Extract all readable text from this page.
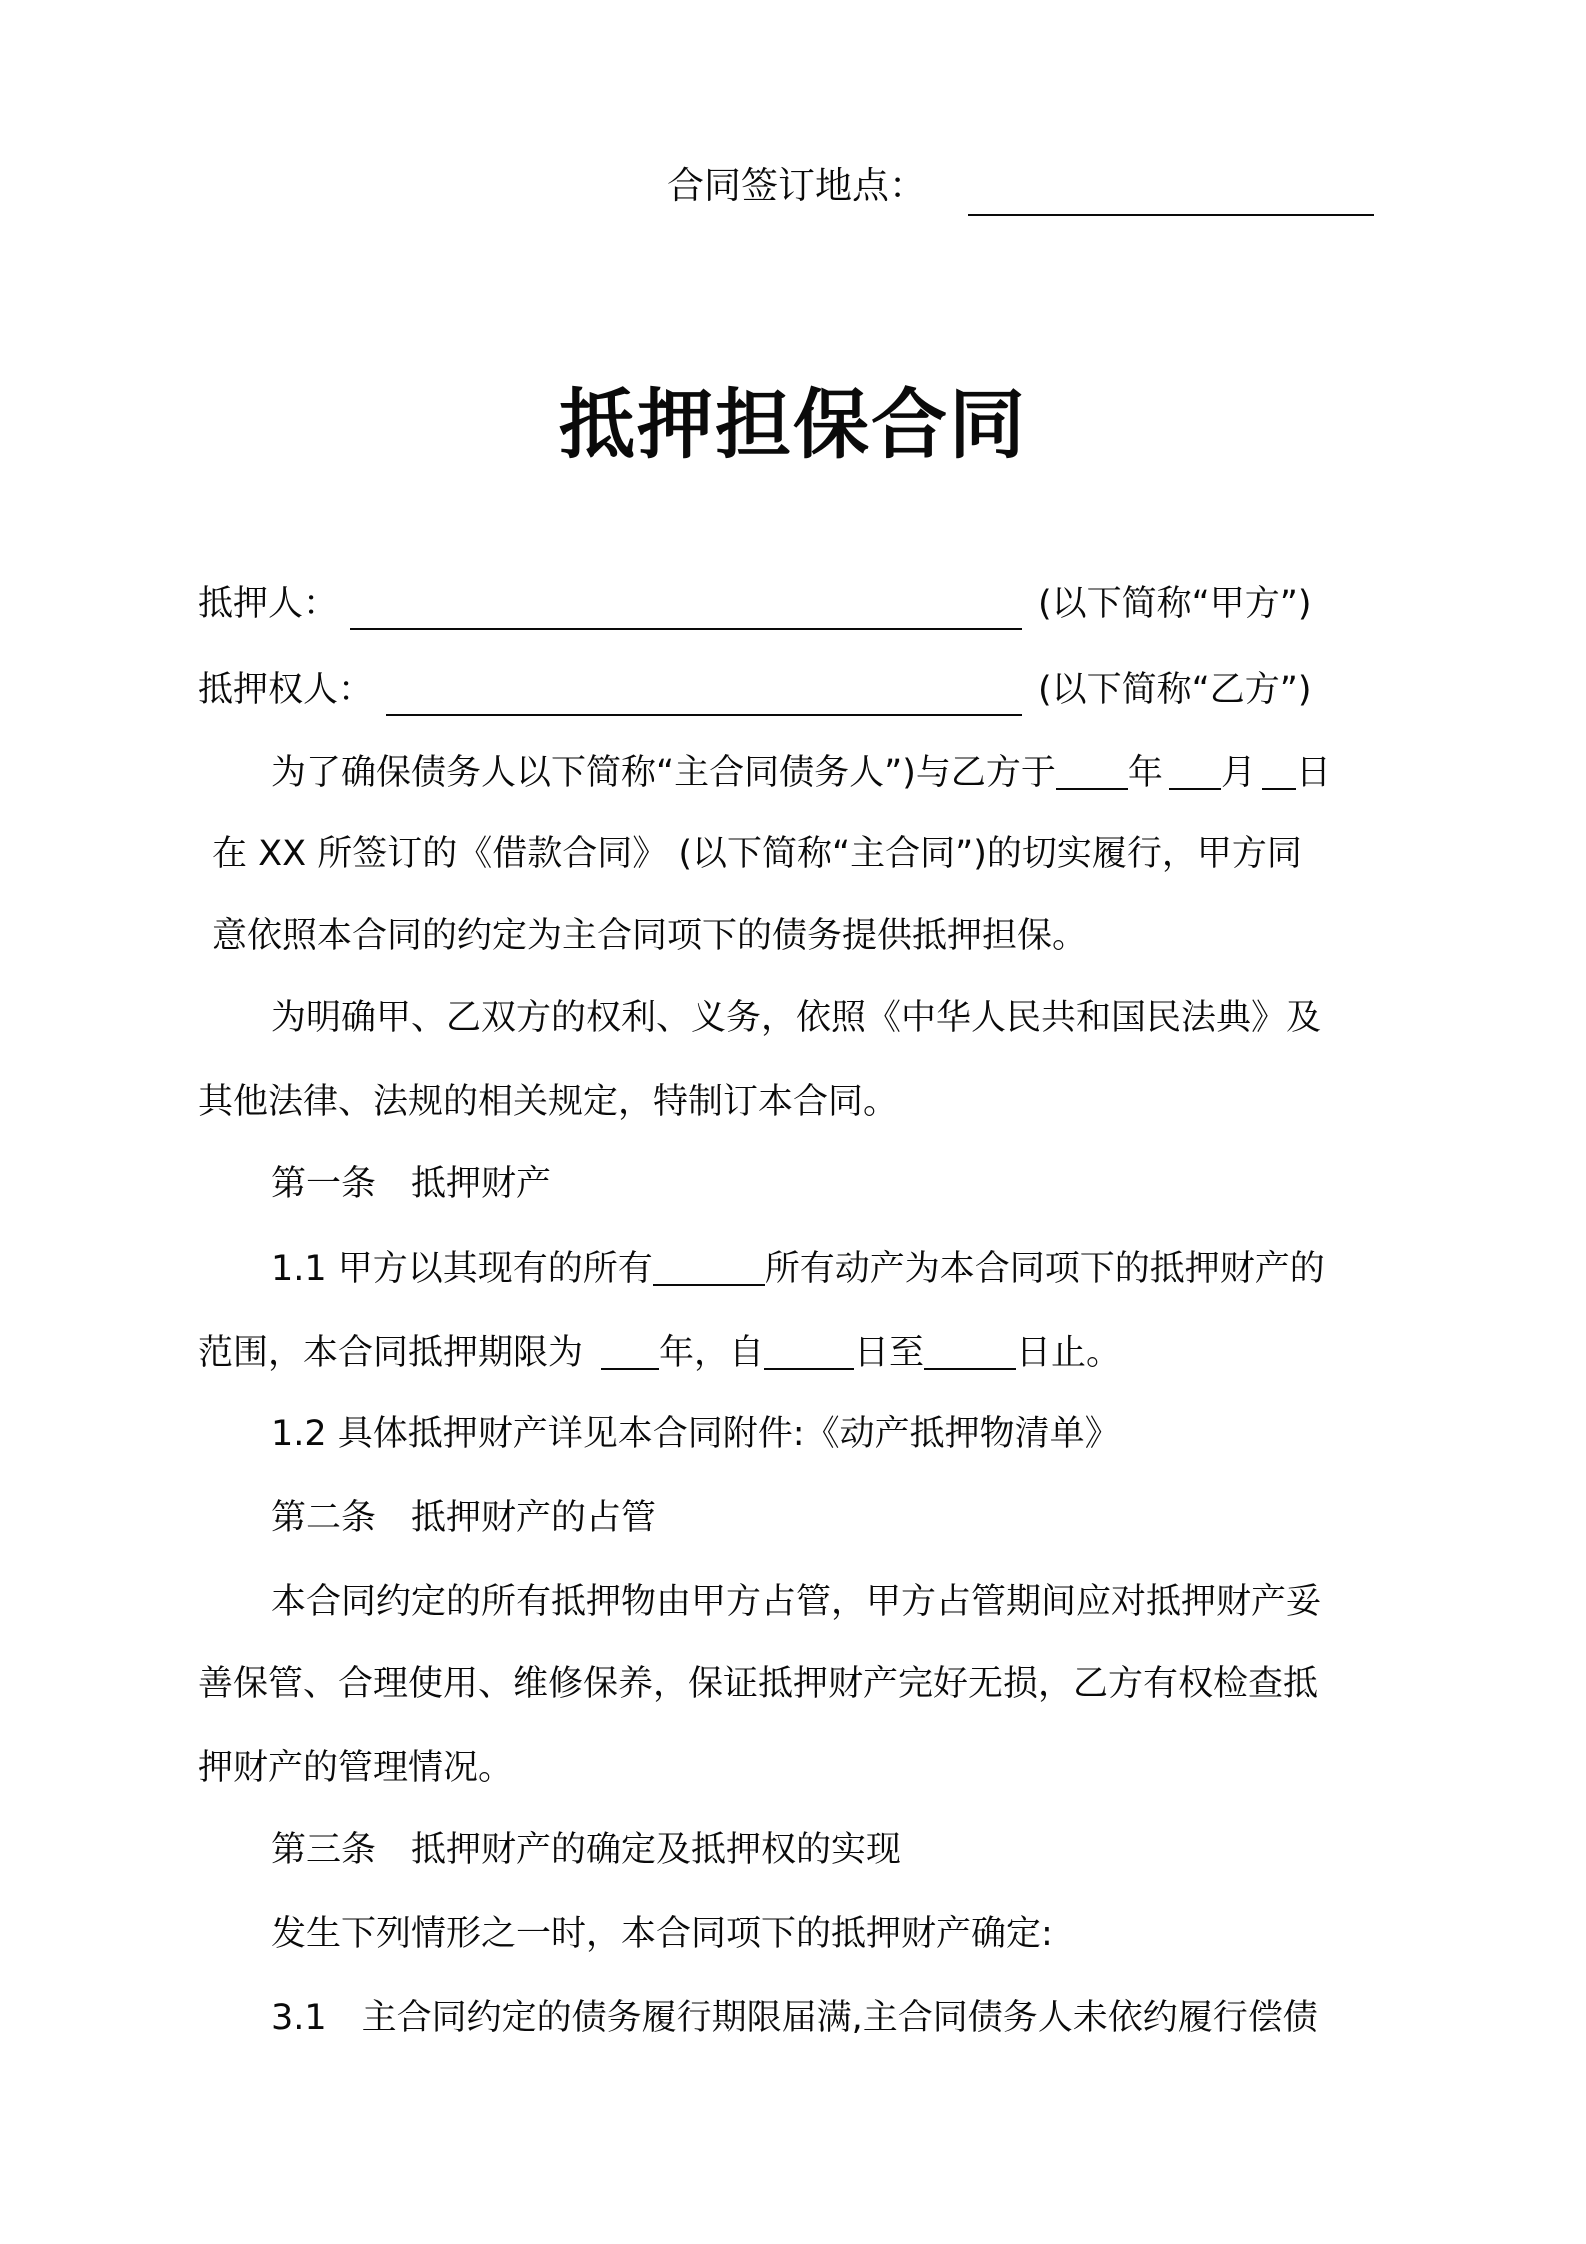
合同签订地点：
抵押担保合同
抵押人：	(以下简称“甲方”)
抵押权人：	(以下简称“乙方”)
为了确保债务人以下简称“主合同债务人”)与乙方于 年 月 日
在 XX 所签订的《借款合同》 (以下简称“主合同”)的切实履行，甲方同
意依照本合同的约定为主合同项下的债务提供抵押担保。
为明确甲、乙双方的权利、义务，依照《中华人民共和国民法典》及
其他法律、法规的相关规定，特制订本合同。
第一条　抵押财产
1.1 甲方以其现有的所有	所有动产为本合同项下的抵押财产的
范围，本合同抵押期限为 年，自	日至	日止。
1.2 具体抵押财产详见本合同附件:《动产抵押物清单》
第二条　抵押财产的占管
本合同约定的所有抵押物由甲方占管，甲方占管期间应对抵押财产妥
善保管、合理使用、维修保养，保证抵押财产完好无损，乙方有权检查抵
押财产的管理情况。
第三条　抵押财产的确定及抵押权的实现
发生下列情形之一时，本合同项下的抵押财产确定:
3.1　主合同约定的债务履行期限届满,主合同债务人未依约履行偿债
